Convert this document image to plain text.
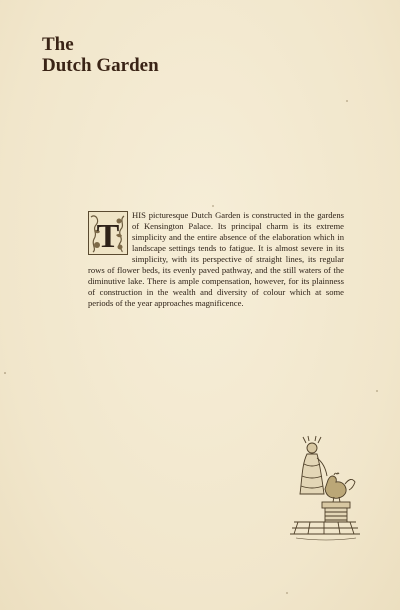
The
Dutch Garden
T
HIS picturesque Dutch Garden is constructed in the gardens of Kensington Palace. Its principal charm is its extreme simplicity and the entire absence of the elaboration which in landscape settings tends to fatigue. It is almost severe in its simplicity, with its perspective of straight lines, its regular rows of flower beds, its evenly paved pathway, and the still waters of the diminutive lake. There is ample compensation, however, for its plainness of construction in the wealth and diversity of colour which at some periods of the year approaches magnificence.
